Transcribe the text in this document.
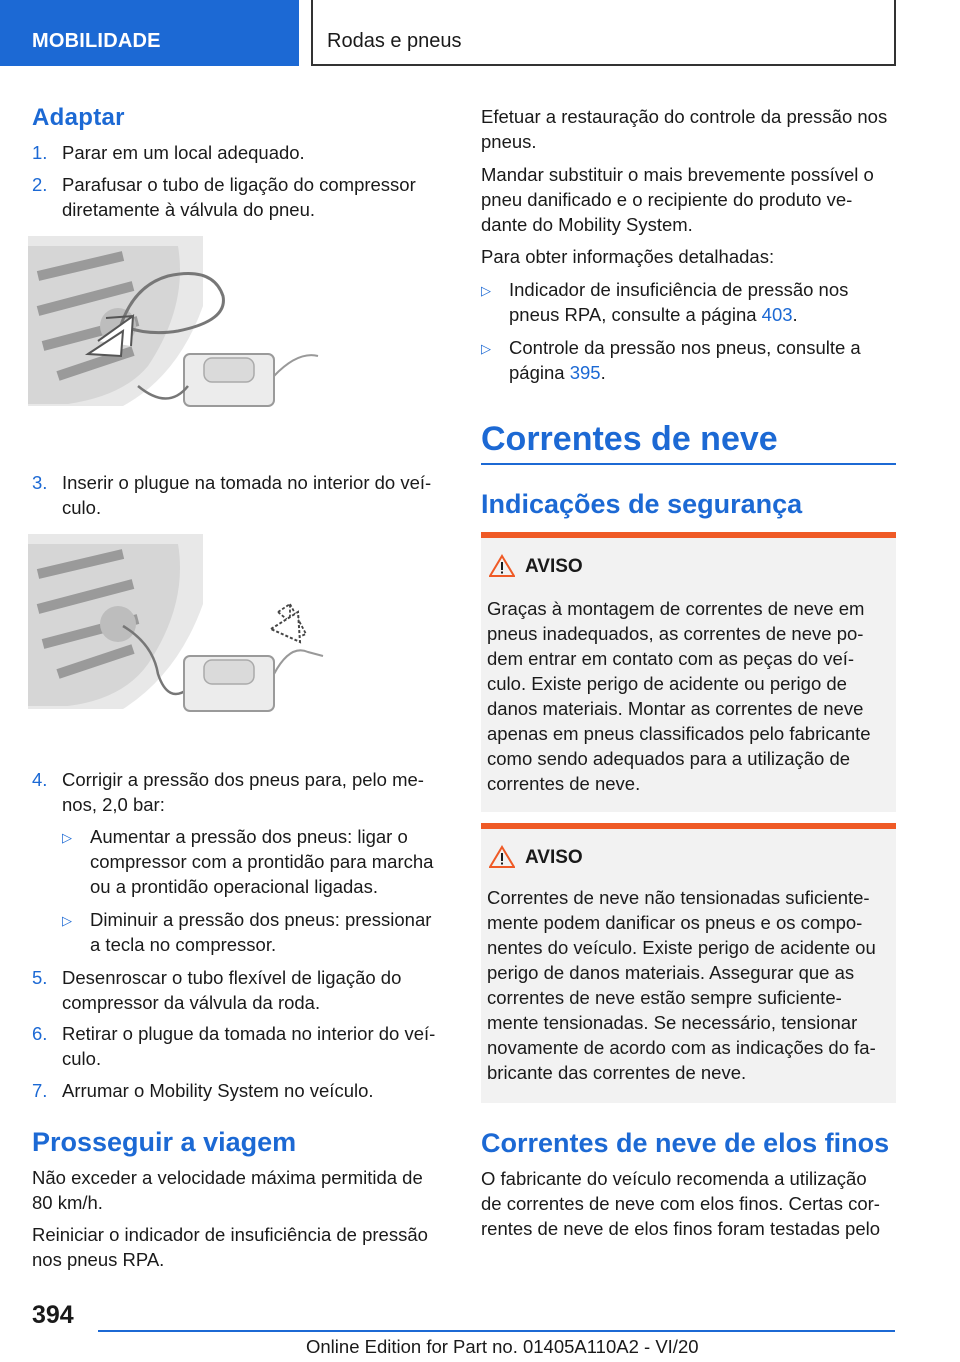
MOBILIDADE	Rodas e pneus
Adaptar
1. Parar em um local adequado.
2. Parafusar o tubo de ligação do compressor
diretamente à válvula do pneu.
3. Inserir o plugue na tomada no interior do veí-
culo.
4. Corrigir a pressão dos pneus para, pelo me-
nos, 2,0 bar:
▷ Aumentar a pressão dos pneus: ligar o
compressor com a prontidão para marcha
ou a prontidão operacional ligadas.
▷ Diminuir a pressão dos pneus: pressionar
a tecla no compressor.
5. Desenroscar o tubo flexível de ligação do
compressor da válvula da roda.
6. Retirar o plugue da tomada no interior do veí-
culo.
7. Arrumar o Mobility System no veículo.
Prosseguir a viagem
Não exceder a velocidade máxima permitida de
80 km/h.
Reiniciar o indicador de insuficiência de pressão
nos pneus RPA.
Efetuar a restauração do controle da pressão nos
pneus.
Mandar substituir o mais brevemente possível o
pneu danificado e o recipiente do produto ve-
dante do Mobility System.
Para obter informações detalhadas:
▷ Indicador de insuficiência de pressão nos
pneus RPA, consulte a página 403.
▷ Controle da pressão nos pneus, consulte a
página 395.
Correntes de neve
Indicações de segurança
AVISO
Graças à montagem de correntes de neve em
pneus inadequados, as correntes de neve po-
dem entrar em contato com as peças do veí-
culo. Existe perigo de acidente ou perigo de
danos materiais. Montar as correntes de neve
apenas em pneus classificados pelo fabricante
como sendo adequados para a utilização de
correntes de neve.
AVISO
Correntes de neve não tensionadas suficiente-
mente podem danificar os pneus e os compo-
nentes do veículo. Existe perigo de acidente ou
perigo de danos materiais. Assegurar que as
correntes de neve estão sempre suficiente-
mente tensionadas. Se necessário, tensionar
novamente de acordo com as indicações do fa-
bricante das correntes de neve.
Correntes de neve de elos finos
O fabricante do veículo recomenda a utilização
de correntes de neve com elos finos. Certas cor-
rentes de neve de elos finos foram testadas pelo
394
Online Edition for Part no. 01405A110A2 - VI/20
